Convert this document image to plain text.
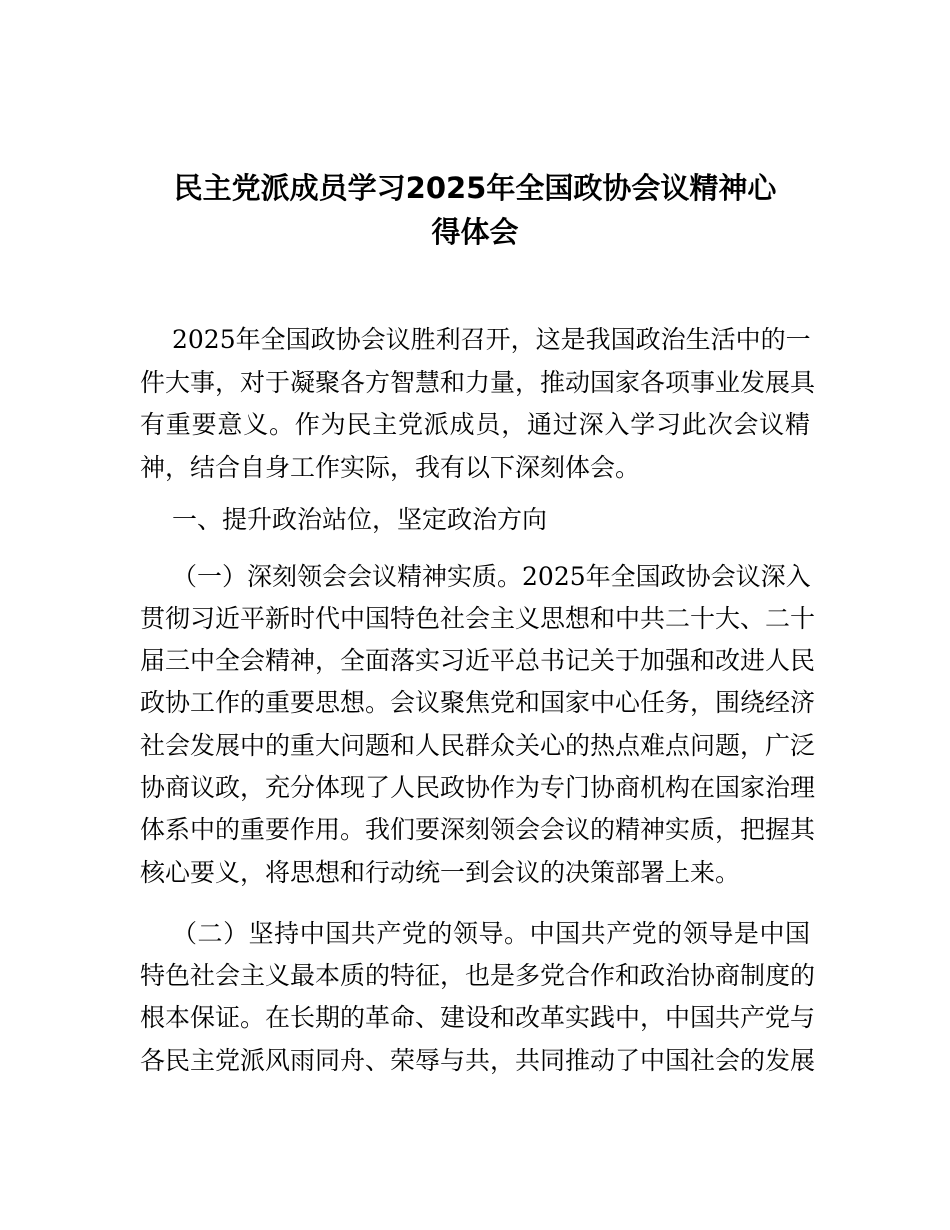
民主党派成员学习2025年全国政协会议精神心
得体会
2025年全国政协会议胜利召开，这是我国政治生活中的一
件大事，对于凝聚各方智慧和力量，推动国家各项事业发展具
有重要意义。作为民主党派成员，通过深入学习此次会议精
神，结合自身工作实际，我有以下深刻体会。
一、提升政治站位，坚定政治方向
（一）深刻领会会议精神实质。2025年全国政协会议深入
贯彻习近平新时代中国特色社会主义思想和中共二十大、二十
届三中全会精神，全面落实习近平总书记关于加强和改进人民
政协工作的重要思想。会议聚焦党和国家中心任务，围绕经济
社会发展中的重大问题和人民群众关心的热点难点问题，广泛
协商议政，充分体现了人民政协作为专门协商机构在国家治理
体系中的重要作用。我们要深刻领会会议的精神实质，把握其
核心要义，将思想和行动统一到会议的决策部署上来。
（二）坚持中国共产党的领导。中国共产党的领导是中国
特色社会主义最本质的特征，也是多党合作和政治协商制度的
根本保证。在长期的革命、建设和改革实践中，中国共产党与
各民主党派风雨同舟、荣辱与共，共同推动了中国社会的发展
